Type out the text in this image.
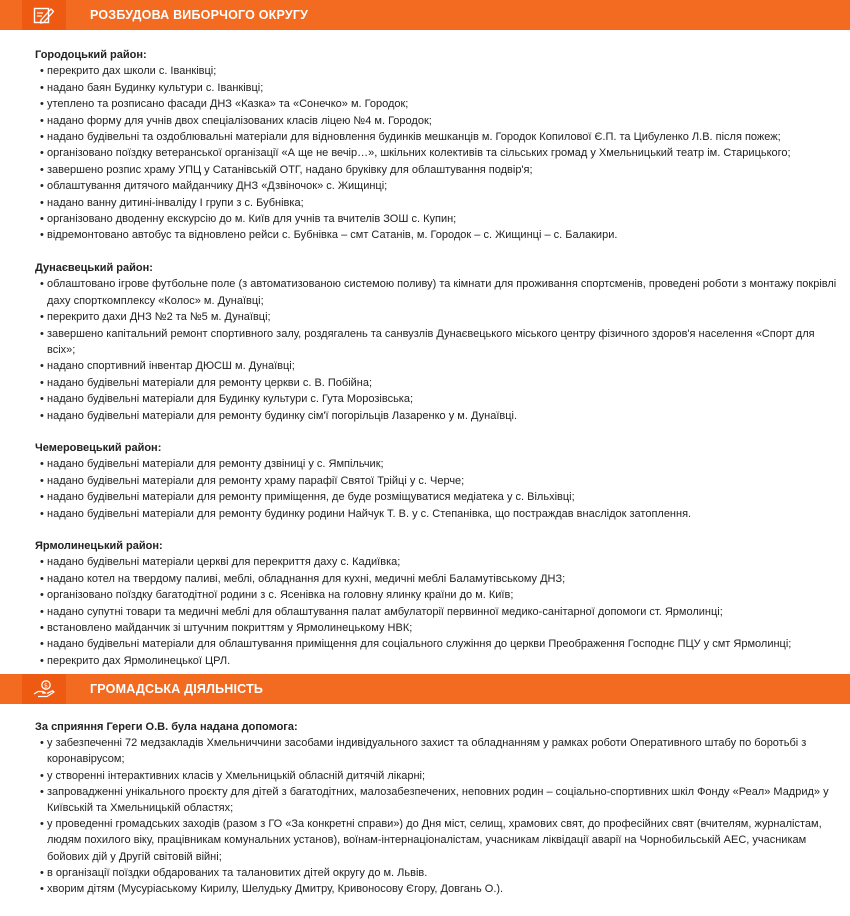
РОЗБУДОВА ВИБОРЧОГО ОКРУГУ
Городоцький район:
• перекрито дах школи с. Іванківці;
• надано баян Будинку культури с. Іванківці;
• утеплено та розписано фасади ДНЗ «Казка» та «Сонечко» м. Городок;
• надано форму для учнів двох спеціалізованих класів ліцею №4 м. Городок;
• надано будівельні та оздоблювальні матеріали для відновлення будинків мешканців м. Городок Копилової Є.П. та Цибуленко Л.В. після пожеж;
• організовано поїздку ветеранської організації «А ще не вечір…», шкільних колективів та сільських громад у Хмельницький театр ім. Старицького;
• завершено розпис храму УПЦ у Сатанівській ОТГ, надано бруківку для облаштування подвір'я;
• облаштування дитячого майданчику ДНЗ «Дзвіночок» с. Жищинці;
• надано ванну дитині-інваліду І групи з с. Бубнівка;
• організовано дводенну екскурсію до м. Київ для учнів та вчителів ЗОШ с. Купин;
• відремонтовано автобус та відновлено рейси с. Бубнівка – смт Сатанів, м. Городок – с. Жищинці – с. Балакири.
Дунаєвецький район:
• облаштовано ігрове футбольне поле (з автоматизованою системою поливу) та кімнати для проживання спортсменів, проведені роботи з монтажу покрівлі даху спорткомплексу «Колос» м. Дунаївці;
• перекрито дахи ДНЗ №2 та №5 м. Дунаївці;
• завершено капітальний ремонт спортивного залу, роздягалень та санвузлів Дунаєвецького міського центру фізичного здоров'я населення «Спорт для всіх»;
• надано спортивний інвентар ДЮСШ м. Дунаївці;
• надано будівельні матеріали для ремонту церкви с. В. Побійна;
• надано будівельні матеріали для Будинку культури с. Гута Морозівська;
• надано будівельні матеріали для ремонту будинку сім'ї погорільців Лазаренко у м. Дунаївці.
Чемеровецький район:
• надано будівельні матеріали для ремонту дзвіниці у с. Ямпільчик;
• надано будівельні матеріали для ремонту храму парафії Святої Трійці у с. Черче;
• надано будівельні матеріали для ремонту приміщення, де буде розміщуватися медіатека у с. Вільхівці;
• надано будівельні матеріали для ремонту будинку родини Найчук Т. В. у с. Степанівка, що постраждав внаслідок затоплення.
Ярмолинецький район:
• надано будівельні матеріали церкві для перекриття даху с. Кадиївка;
• надано котел на твердому паливі, меблі, обладнання для кухні, медичні меблі Баламутівському ДНЗ;
• організовано поїздку багатодітної родини з с. Ясенівка на головну ялинку країни до м. Київ;
• надано супутні товари та медичні меблі для облаштування палат амбулаторії первинної медико-санітарної допомоги ст. Ярмолинці;
• встановлено майданчик зі штучним покриттям у Ярмолинецькому НВК;
• надано будівельні матеріали для облаштування приміщення для соціального служіння до церкви Преображення Господнє ПЦУ у смт Ярмолинці;
• перекрито дах Ярмолинецької ЦРЛ.
$	ГРОМАДСЬКА ДІЯЛЬНІСТЬ
За сприяння Гереги О.В. була надана допомога:
• у забезпеченні 72 медзакладів Хмельниччини засобами індивідуального захист та обладнанням у рамках роботи Оперативного штабу по боротьбі з коронавірусом;
• у створенні інтерактивних класів у Хмельницькій обласній дитячій лікарні;
• запровадженні унікального проєкту для дітей з багатодітних, малозабезпечених, неповних родин – соціально-спортивних шкіл Фонду «Реал» Мадрид» у Київській та Хмельницькій областях;
• у проведенні громадських заходів (разом з ГО «За конкретні справи») до Дня міст, селищ, храмових свят, до професійних свят (вчителям, журналістам, людям похилого віку, працівникам комунальних установ), воїнам-інтернаціоналістам, учасникам ліквідації аварії на Чорнобильській АЕС, учасникам бойових дій у Другій світовій війні;
• в організації поїздки обдарованих та талановитих дітей округу до м. Львів.
• хворим дітям (Мусуріаському Кирилу, Шелудьку Дмитру, Кривоносову Єгору, Довгань О.).
